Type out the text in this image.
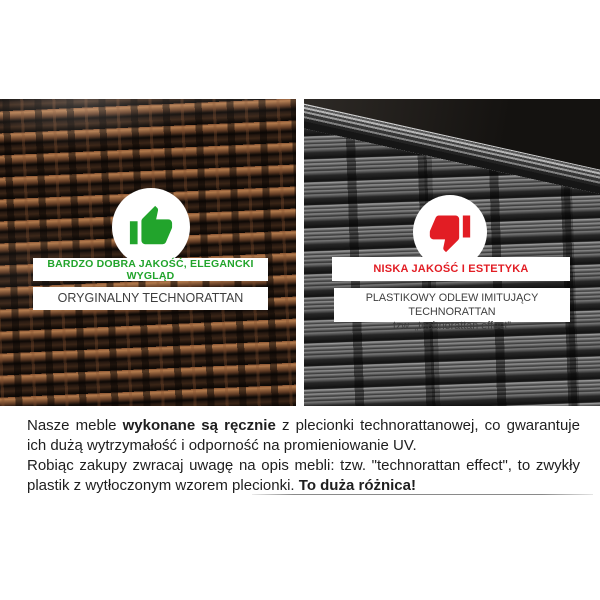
BARDZO DOBRA JAKOŚĆ, ELEGANCKI WYGLĄD
ORYGINALNY TECHNORATTAN
NISKA JAKOŚĆ I ESTETYKA
PLASTIKOWY ODLEW IMITUJĄCY TECHNORATTAN
tzw. „technorattan effect”

Nasze meble wykonane są ręcznie z plecionki technorattanowej, co gwarantuje ich dużą wytrzymałość i odporność na promieniowanie UV.

Robiąc zakupy zwracaj uwagę na opis mebli: tzw. "technorattan effect", to zwykły plastik z wytłoczonym wzorem plecionki. To duża różnica!
